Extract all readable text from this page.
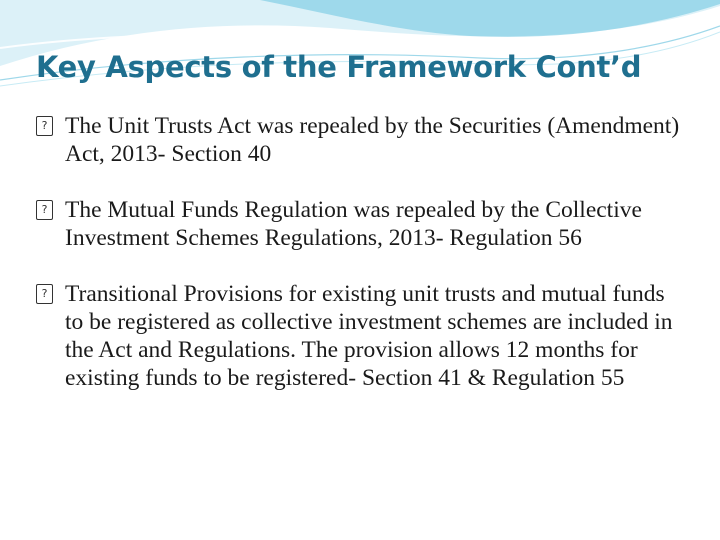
Key Aspects of the Framework Cont’d
? The Unit Trusts Act was repealed by the Securities (Amendment) Act, 2013- Section 40
? The Mutual Funds Regulation was repealed by the Collective Investment Schemes Regulations, 2013- Regulation 56
? Transitional Provisions for existing unit trusts and mutual funds to be registered as collective investment schemes are included in the Act and Regulations. The provision allows 12 months for existing funds to be registered- Section 41 & Regulation 55
